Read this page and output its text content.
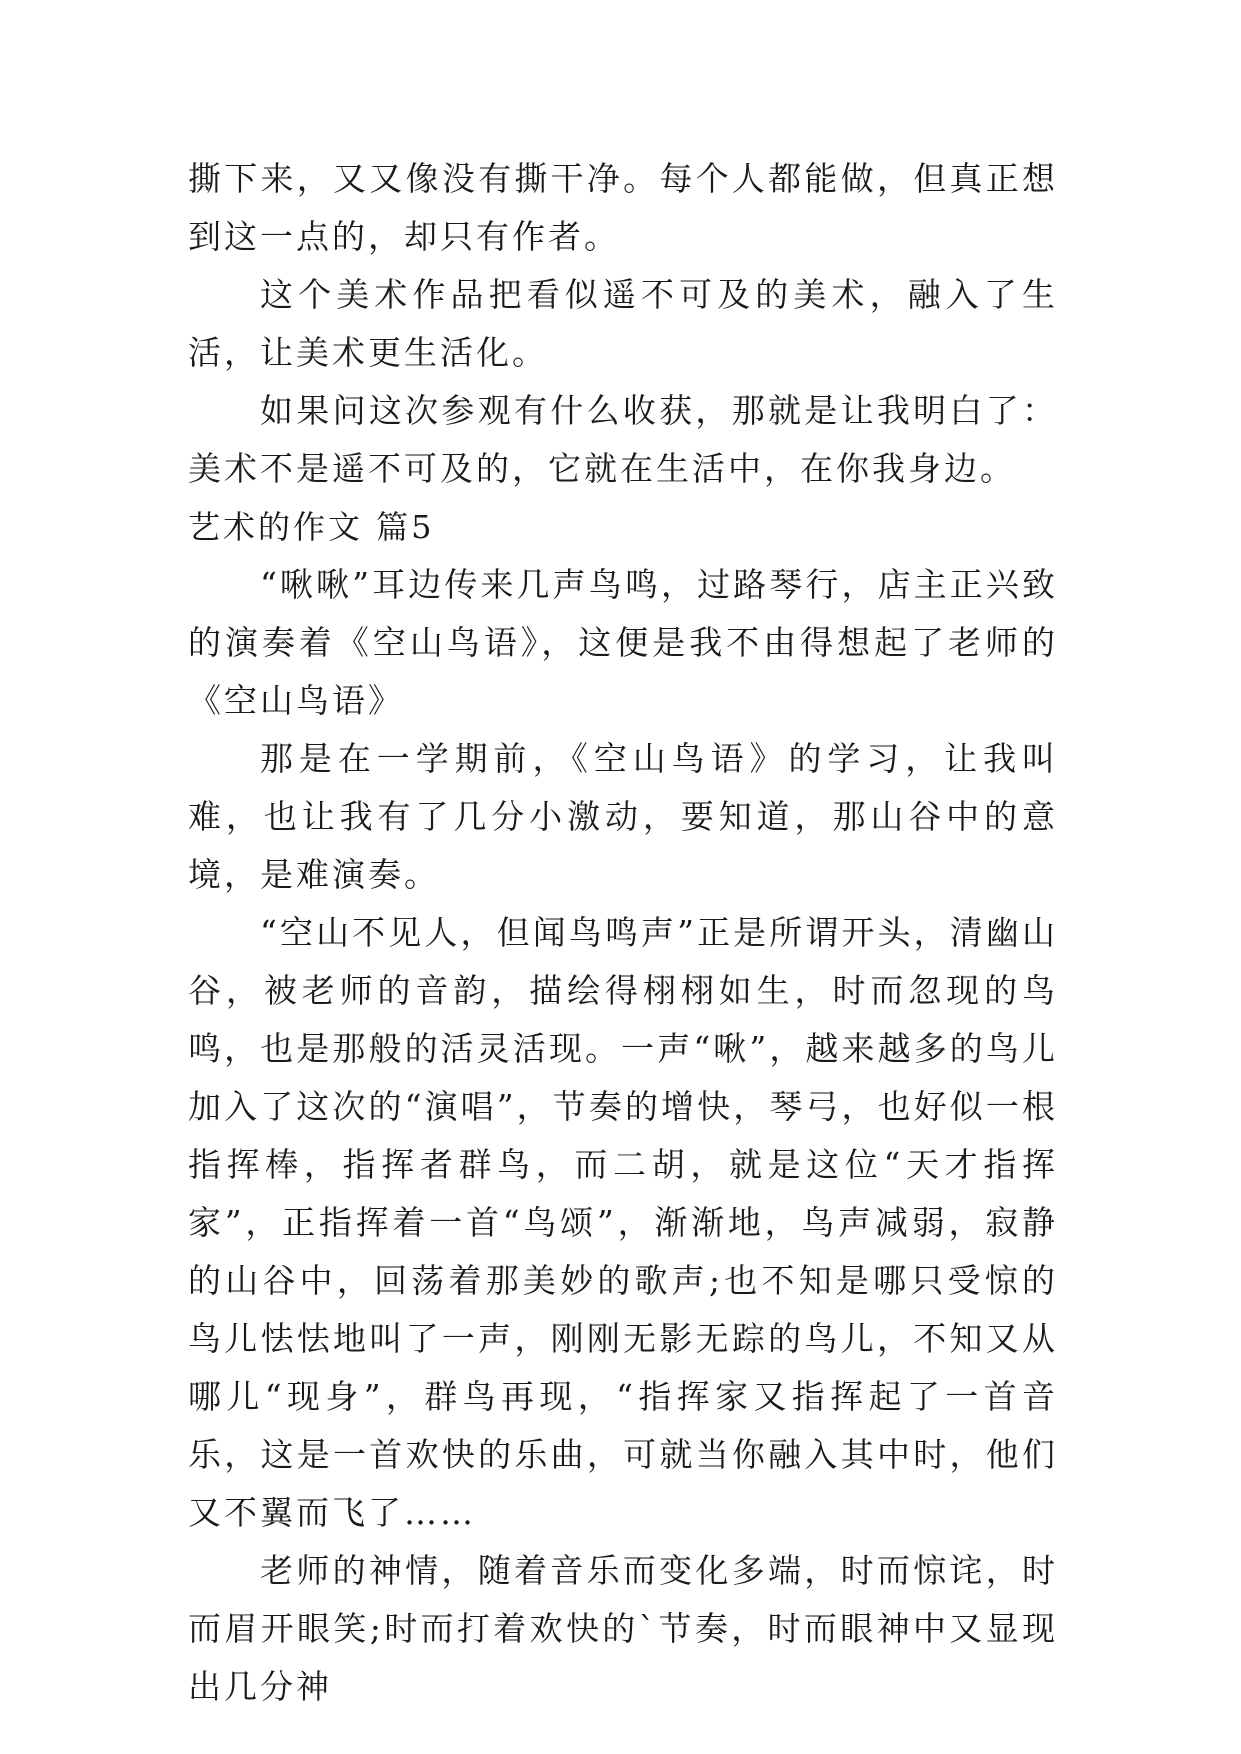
撕下来，又又像没有撕干净。每个人都能做，但真正想到这一点的，却只有作者。

这个美术作品把看似遥不可及的美术，融入了生活，让美术更生活化。

如果问这次参观有什么收获，那就是让我明白了：美术不是遥不可及的，它就在生活中，在你我身边。

艺术的作文 篇5

“啾啾”耳边传来几声鸟鸣，过路琴行，店主正兴致的演奏着《空山鸟语》，这便是我不由得想起了老师的《空山鸟语》

那是在一学期前，《空山鸟语》的学习，让我叫难，也让我有了几分小激动，要知道，那山谷中的意境，是难演奏。

“空山不见人，但闻鸟鸣声”正是所谓开头，清幽山谷，被老师的音韵，描绘得栩栩如生，时而忽现的鸟鸣，也是那般的活灵活现。一声“啾”，越来越多的鸟儿加入了这次的“演唱”，节奏的增快，琴弓，也好似一根指挥棒，指挥者群鸟，而二胡，就是这位“天才指挥家”，正指挥着一首“鸟颂”，渐渐地，鸟声减弱，寂静的山谷中，回荡着那美妙的歌声;也不知是哪只受惊的鸟儿怯怯地叫了一声，刚刚无影无踪的鸟儿，不知又从哪儿“现身”，群鸟再现，“指挥家又指挥起了一首音乐，这是一首欢快的乐曲，可就当你融入其中时，他们又不翼而飞了……

老师的神情，随着音乐而变化多端，时而惊诧，时而眉开眼笑;时而打着欢快的`节奏，时而眼神中又显现出几分神
